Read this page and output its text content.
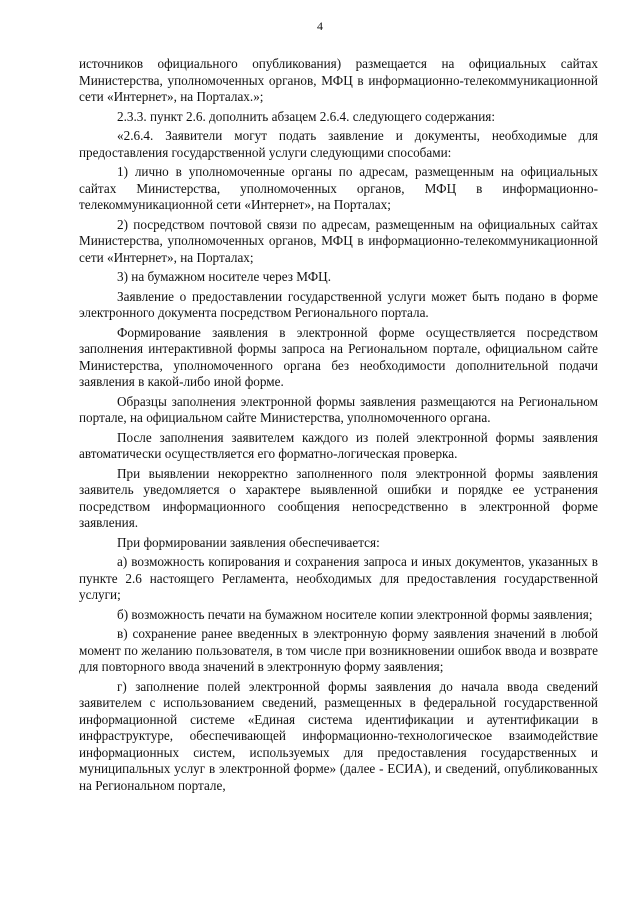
4

источников официального опубликования) размещается на официальных сайтах Министерства, уполномоченных органов, МФЦ в информационно-телекоммуникационной сети «Интернет», на Порталах.»;

2.3.3. пункт 2.6. дополнить абзацем 2.6.4. следующего содержания:

«2.6.4. Заявители могут подать заявление и документы, необходимые для предоставления государственной услуги следующими способами:

1) лично в уполномоченные органы по адресам, размещенным на официальных сайтах Министерства, уполномоченных органов, МФЦ в информационно-телекоммуникационной сети «Интернет», на Порталах;

2) посредством почтовой связи по адресам, размещенным на официальных сайтах Министерства, уполномоченных органов, МФЦ в информационно-телекоммуникационной сети «Интернет», на Порталах;

3) на бумажном носителе через МФЦ.

Заявление о предоставлении государственной услуги может быть подано в форме электронного документа посредством Регионального портала.

Формирование заявления в электронной форме осуществляется посредством заполнения интерактивной формы запроса на Региональном портале, официальном сайте Министерства, уполномоченного органа без необходимости дополнительной подачи заявления в какой-либо иной форме.

Образцы заполнения электронной формы заявления размещаются на Региональном портале, на официальном сайте Министерства, уполномоченного органа.

После заполнения заявителем каждого из полей электронной формы заявления автоматически осуществляется его форматно-логическая проверка.

При выявлении некорректно заполненного поля электронной формы заявления заявитель уведомляется о характере выявленной ошибки и порядке ее устранения посредством информационного сообщения непосредственно в электронной форме заявления.

При формировании заявления обеспечивается:

а) возможность копирования и сохранения запроса и иных документов, указанных в пункте 2.6 настоящего Регламента, необходимых для предоставления государственной услуги;

б) возможность печати на бумажном носителе копии электронной формы заявления;

в) сохранение ранее введенных в электронную форму заявления значений в любой момент по желанию пользователя, в том числе при возникновении ошибок ввода и возврате для повторного ввода значений в электронную форму заявления;

г) заполнение полей электронной формы заявления до начала ввода сведений заявителем с использованием сведений, размещенных в федеральной государственной информационной системе «Единая система идентификации и аутентификации в инфраструктуре, обеспечивающей информационно-технологическое взаимодействие информационных систем, используемых для предоставления государственных и муниципальных услуг в электронной форме» (далее - ЕСИА), и сведений, опубликованных на Региональном портале,
